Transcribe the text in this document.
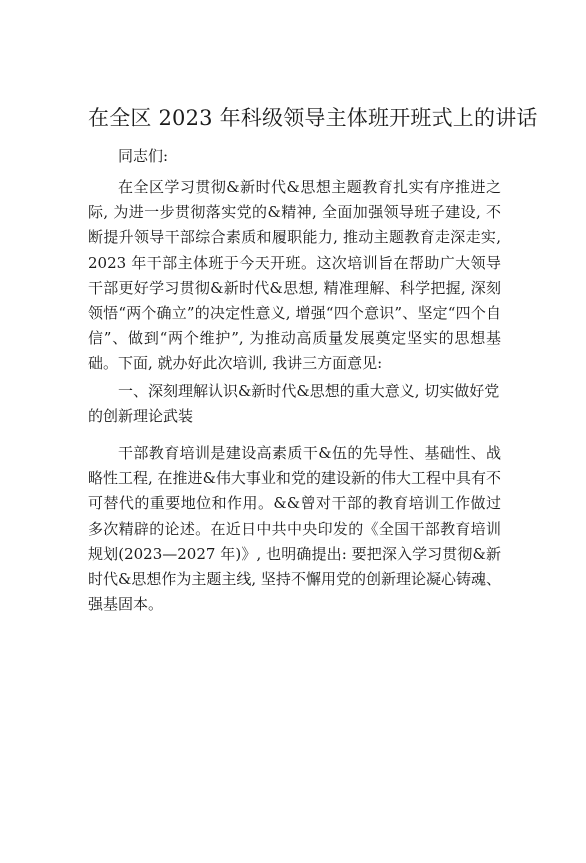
在全区 2023 年科级领导主体班开班式上的讲话

同志们:

在全区学习贯彻&新时代&思想主题教育扎实有序推进之际, 为进一步贯彻落实党的&精神, 全面加强领导班子建设, 不断提升领导干部综合素质和履职能力, 推动主题教育走深走实, 2023 年干部主体班于今天开班。这次培训旨在帮助广大领导干部更好学习贯彻&新时代&思想, 精准理解、科学把握, 深刻领悟“两个确立”的决定性意义, 增强“四个意识”、坚定“四个自信”、做到“两个维护”, 为推动高质量发展奠定坚实的思想基础。下面, 就办好此次培训, 我讲三方面意见:

一、深刻理解认识&新时代&思想的重大意义, 切实做好党的创新理论武装

干部教育培训是建设高素质干&伍的先导性、基础性、战略性工程, 在推进&伟大事业和党的建设新的伟大工程中具有不可替代的重要地位和作用。&&曾对干部的教育培训工作做过多次精辟的论述。在近日中共中央印发的《全国干部教育培训规划(2023—2027 年)》, 也明确提出: 要把深入学习贯彻&新时代&思想作为主题主线, 坚持不懈用党的创新理论凝心铸魂、强基固本。
